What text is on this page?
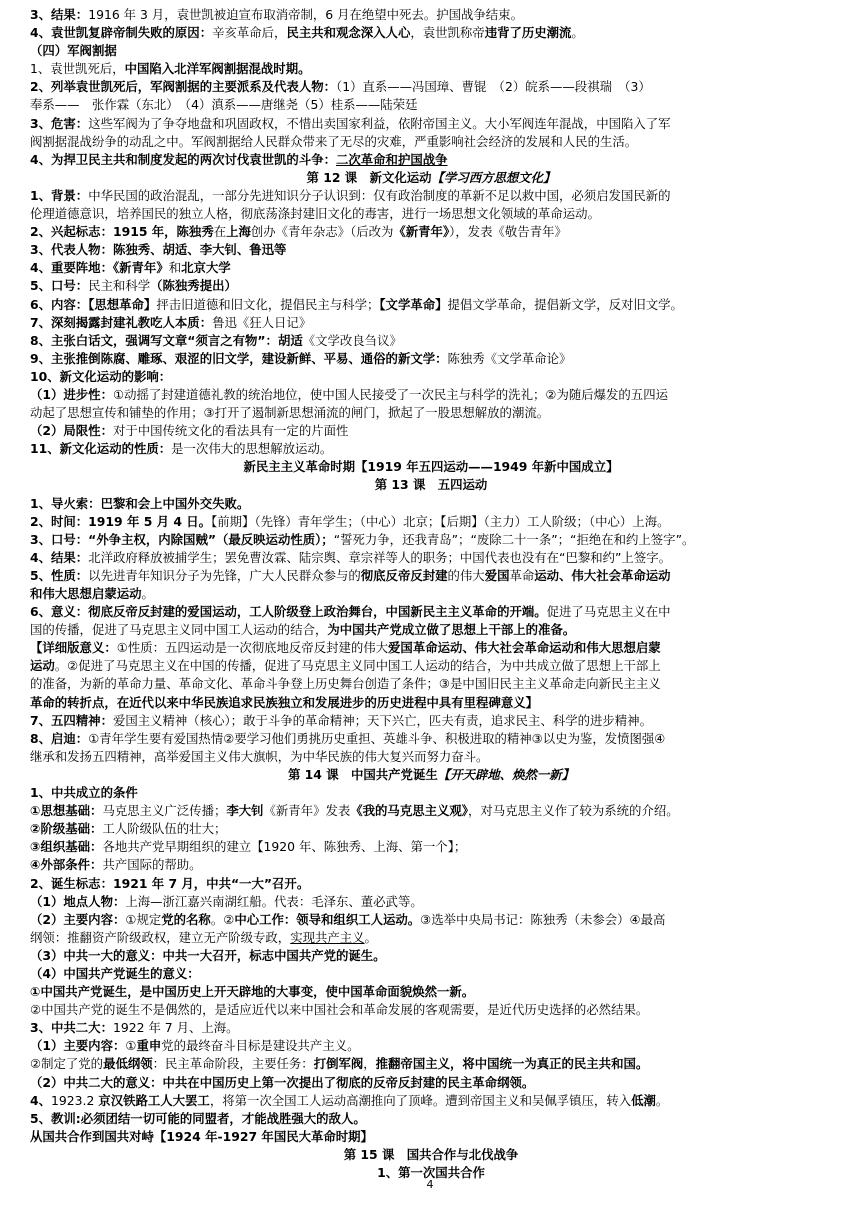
3、结果：1916 年 3 月，袁世凯被迫宣布取消帝制，6 月在绝望中死去。护国战争结束。
4、袁世凯复辟帝制失败的原因：辛亥革命后，民主共和观念深入人心，袁世凯称帝违背了历史潮流。
（四）军阀割据
1、袁世凯死后，中国陷入北洋军阀割据混战时期。
2、列举袁世凯死后，军阀割据的主要派系及代表人物：（1）直系——冯国璋、曹锟　（2）皖系——段祺瑞　（3）
奉系——　张作霖（东北）　（4）滇系——唐继尧（5）桂系——陆荣廷
3、危害：这些军阀为了争夺地盘和巩固政权，不惜出卖国家利益，依附帝国主义。大小军阀连年混战，中国陷入了军
阀割据混战纷争的动乱之中。军阀割据给人民群众带来了无尽的灾难，严重影响社会经济的发展和人民的生活。
4、为捍卫民主共和制度发起的两次讨伐袁世凯的斗争：二次革命和护国战争
第 12 课　新文化运动【学习西方思想文化】
1、背景：中华民国的政治混乱，一部分先进知识分子认识到：仅有政治制度的革新不足以救中国，必须启发国民新的
伦理道德意识，培养国民的独立人格，彻底荡涤封建旧文化的毒害，进行一场思想文化领域的革命运动。
2、兴起标志：1915 年，陈独秀在上海创办《青年杂志》（后改为《新青年》），发表《敬告青年》
3、代表人物：陈独秀、胡适、李大钊、鲁迅等
4、重要阵地：《新青年》和北京大学
5、口号：民主和科学（陈独秀提出）
6、内容：【思想革命】抨击旧道德和旧文化，提倡民主与科学；【文学革命】提倡文学革命，提倡新文学，反对旧文学。
7、深刻揭露封建礼教吃人本质：鲁迅《狂人日记》
8、主张白话文，强调写文章“须言之有物”：胡适《文学改良刍议》
9、主张推倒陈腐、雕琢、艰涩的旧文学，建设新鲜、平易、通俗的新文学：陈独秀《文学革命论》
10、新文化运动的影响：
（1）进步性：①动摇了封建道德礼教的统治地位，使中国人民接受了一次民主与科学的洗礼；②为随后爆发的五四运
动起了思想宣传和铺垫的作用；③打开了遏制新思想涌流的闸门，掀起了一股思想解放的潮流。
（2）局限性：对于中国传统文化的看法具有一定的片面性
11、新文化运动的性质：是一次伟大的思想解放运动。
新民主主义革命时期【1919 年五四运动——1949 年新中国成立】
第 13 课　五四运动
1、导火索：巴黎和会上中国外交失败。
2、时间：1919 年 5 月 4 日。【前期】（先锋）青年学生；（中心）北京；【后期】（主力）工人阶级；（中心）上海。
3、口号：“外争主权，内除国贼”（最反映运动性质）；“誓死力争，还我青岛”；“废除二十一条”；“拒绝在和约上签字”。
4、结果：北洋政府释放被捕学生；罢免曹汝霖、陆宗舆、章宗祥等人的职务；中国代表也没有在“巴黎和约”上签字。
5、性质：以先进青年知识分子为先锋，广大人民群众参与的彻底反帝反封建的伟大爱国革命运动、伟大社会革命运动
和伟大思想启蒙运动。
6、意义：彻底反帝反封建的爱国运动，工人阶级登上政治舞台，中国新民主主义革命的开端。促进了马克思主义在中
国的传播，促进了马克思主义同中国工人运动的结合，为中国共产党成立做了思想上干部上的准备。
【详细版意义：①性质：五四运动是一次彻底地反帝反封建的伟大爱国革命运动、伟大社会革命运动和伟大思想启蒙
运动。②促进了马克思主义在中国的传播，促进了马克思主义同中国工人运动的结合，为中共成立做了思想上干部上
的准备，为新的革命力量、革命文化、革命斗争登上历史舞台创造了条件；③是中国旧民主主义革命走向新民主主义
革命的转折点，在近代以来中华民族追求民族独立和发展进步的历史进程中具有里程碑意义】
7、五四精神：爱国主义精神（核心）；敢于斗争的革命精神；天下兴亡，匹夫有责，追求民主、科学的进步精神。
8、启迪：①青年学生要有爱国热情②要学习他们勇挑历史重担、英雄斗争、积极进取的精神③以史为鉴，发愤图强④
继承和发扬五四精神，高举爱国主义伟大旗帜，为中华民族的伟大复兴而努力奋斗。
第 14 课　中国共产党诞生【开天辟地、焕然一新】
1、中共成立的条件
①思想基础：马克思主义广泛传播；李大钊《新青年》发表《我的马克思主义观》，对马克思主义作了较为系统的介绍。
②阶级基础：工人阶级队伍的壮大；
③组织基础：各地共产党早期组织的建立【1920 年、陈独秀、上海、第一个】；
④外部条件：共产国际的帮助。
2、诞生标志：1921 年 7 月，中共“一大”召开。
（1）地点人物：上海—浙江嘉兴南湖红船。代表：毛泽东、董必武等。
（2）主要内容：①规定党的名称。②中心工作：领导和组织工人运动。③选举中央局书记：陈独秀（未参会）④最高
纲领：推翻资产阶级政权，建立无产阶级专政，实现共产主义。
（3）中共一大的意义：中共一大召开，标志中国共产党的诞生。
（4）中国共产党诞生的意义：
①中国共产党诞生，是中国历史上开天辟地的大事变，使中国革命面貌焕然一新。
②中国共产党的诞生不是偶然的，是适应近代以来中国社会和革命发展的客观需要，是近代历史选择的必然结果。
3、中共二大：1922 年 7 月、上海。
（1）主要内容：①重申党的最终奋斗目标是建设共产主义。
②制定了党的最低纲领：民主革命阶段，主要任务：打倒军阀，推翻帝国主义，将中国统一为真正的民主共和国。
（2）中共二大的意义：中共在中国历史上第一次提出了彻底的反帝反封建的民主革命纲领。
4、1923.2 京汉铁路工人大罢工，将第一次全国工人运动高潮推向了顶峰。遭到帝国主义和吴佩孚镇压，转入低潮。
5、教训:必须团结一切可能的同盟者，才能战胜强大的敌人。
从国共合作到国共对峙【1924 年-1927 年国民大革命时期】
第 15 课　国共合作与北伐战争
1、第一次国共合作
4
